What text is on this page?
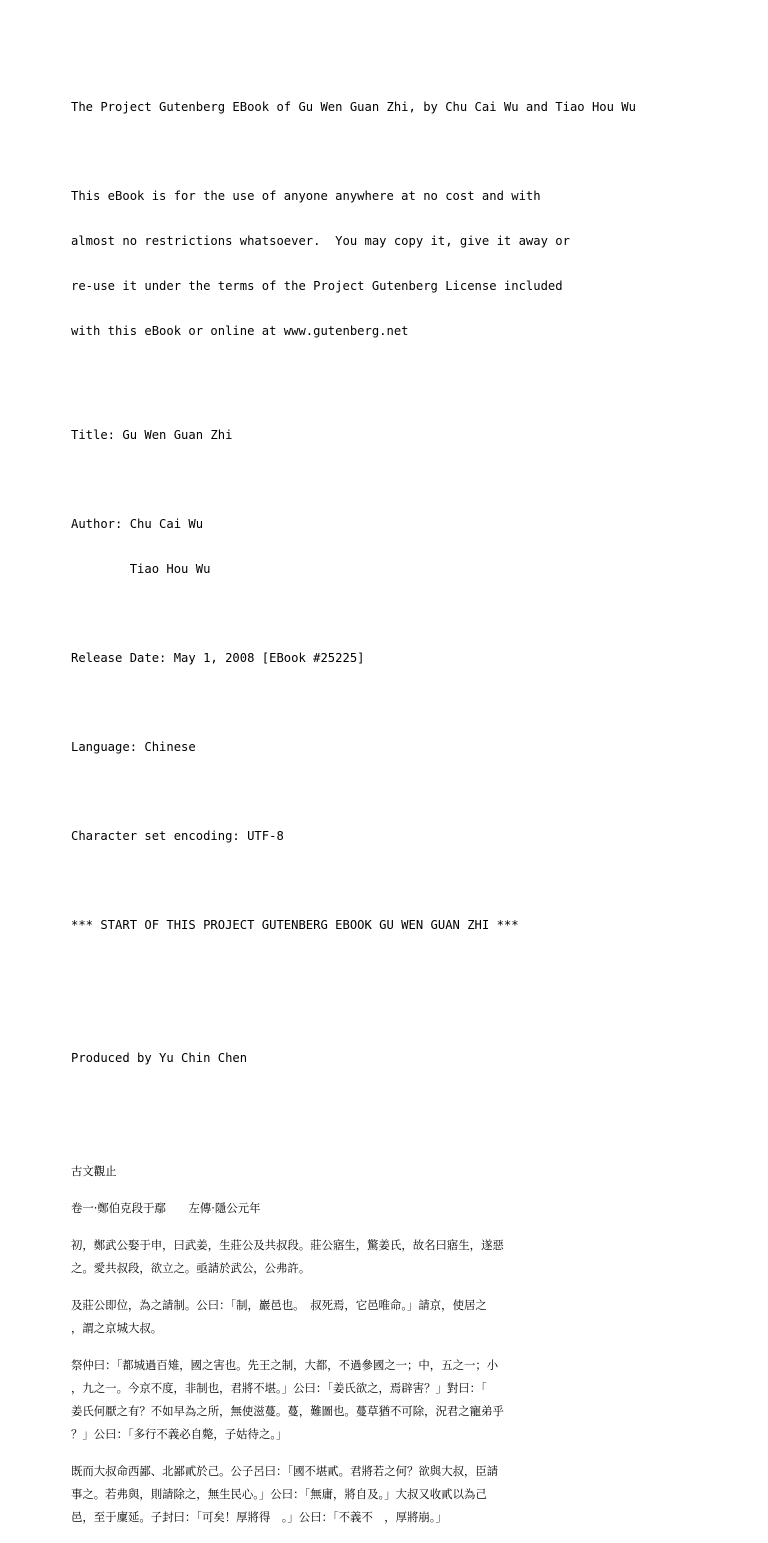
The Project Gutenberg EBook of Gu Wen Guan Zhi, by Chu Cai Wu and Tiao Hou Wu

This eBook is for the use of anyone anywhere at no cost and with

almost no restrictions whatsoever.  You may copy it, give it away or

re-use it under the terms of the Project Gutenberg License included

with this eBook or online at www.gutenberg.net

Title: Gu Wen Guan Zhi

Author: Chu Cai Wu

Tiao Hou Wu

Release Date: May 1, 2008 [EBook #25225]

Language: Chinese

Character set encoding: UTF-8

*** START OF THIS PROJECT GUTENBERG EBOOK GU WEN GUAN ZHI ***

Produced by Yu Chin Chen

古文觀止
卷一·鄭伯克段于鄢　　左傳·隱公元年
初，鄭武公娶于申，曰武姜，生莊公及共叔段。莊公寤生，驚姜氏，故名曰寤生，遂惡
之。愛共叔段，欲立之。亟請於武公，公弗許。
及莊公即位，為之請制。公曰：「制，巖邑也。　叔死焉，它邑唯命。」請京，使居之
，謂之京城大叔。
祭仲曰：「都城過百雉，國之害也。先王之制，大都，不過參國之一；中，五之一；小
，九之一。今京不度，非制也，君將不堪。」公曰：「姜氏欲之，焉辟害？」對曰：「
姜氏何厭之有？不如早為之所，無使滋蔓。蔓，難圖也。蔓草猶不可除，況君之寵弟乎
？」公曰：「多行不義必自斃，子姑待之。」
既而大叔命西鄙、北鄙貳於己。公子呂曰：「國不堪貳。君將若之何？欲與大叔，臣請
事之。若弗與，則請除之，無生民心。」公曰：「無庸，將自及。」大叔又收貳以為己
邑，至于廩延。子封曰：「可矣！厚將得　。」公曰：「不義不　，厚將崩。」
